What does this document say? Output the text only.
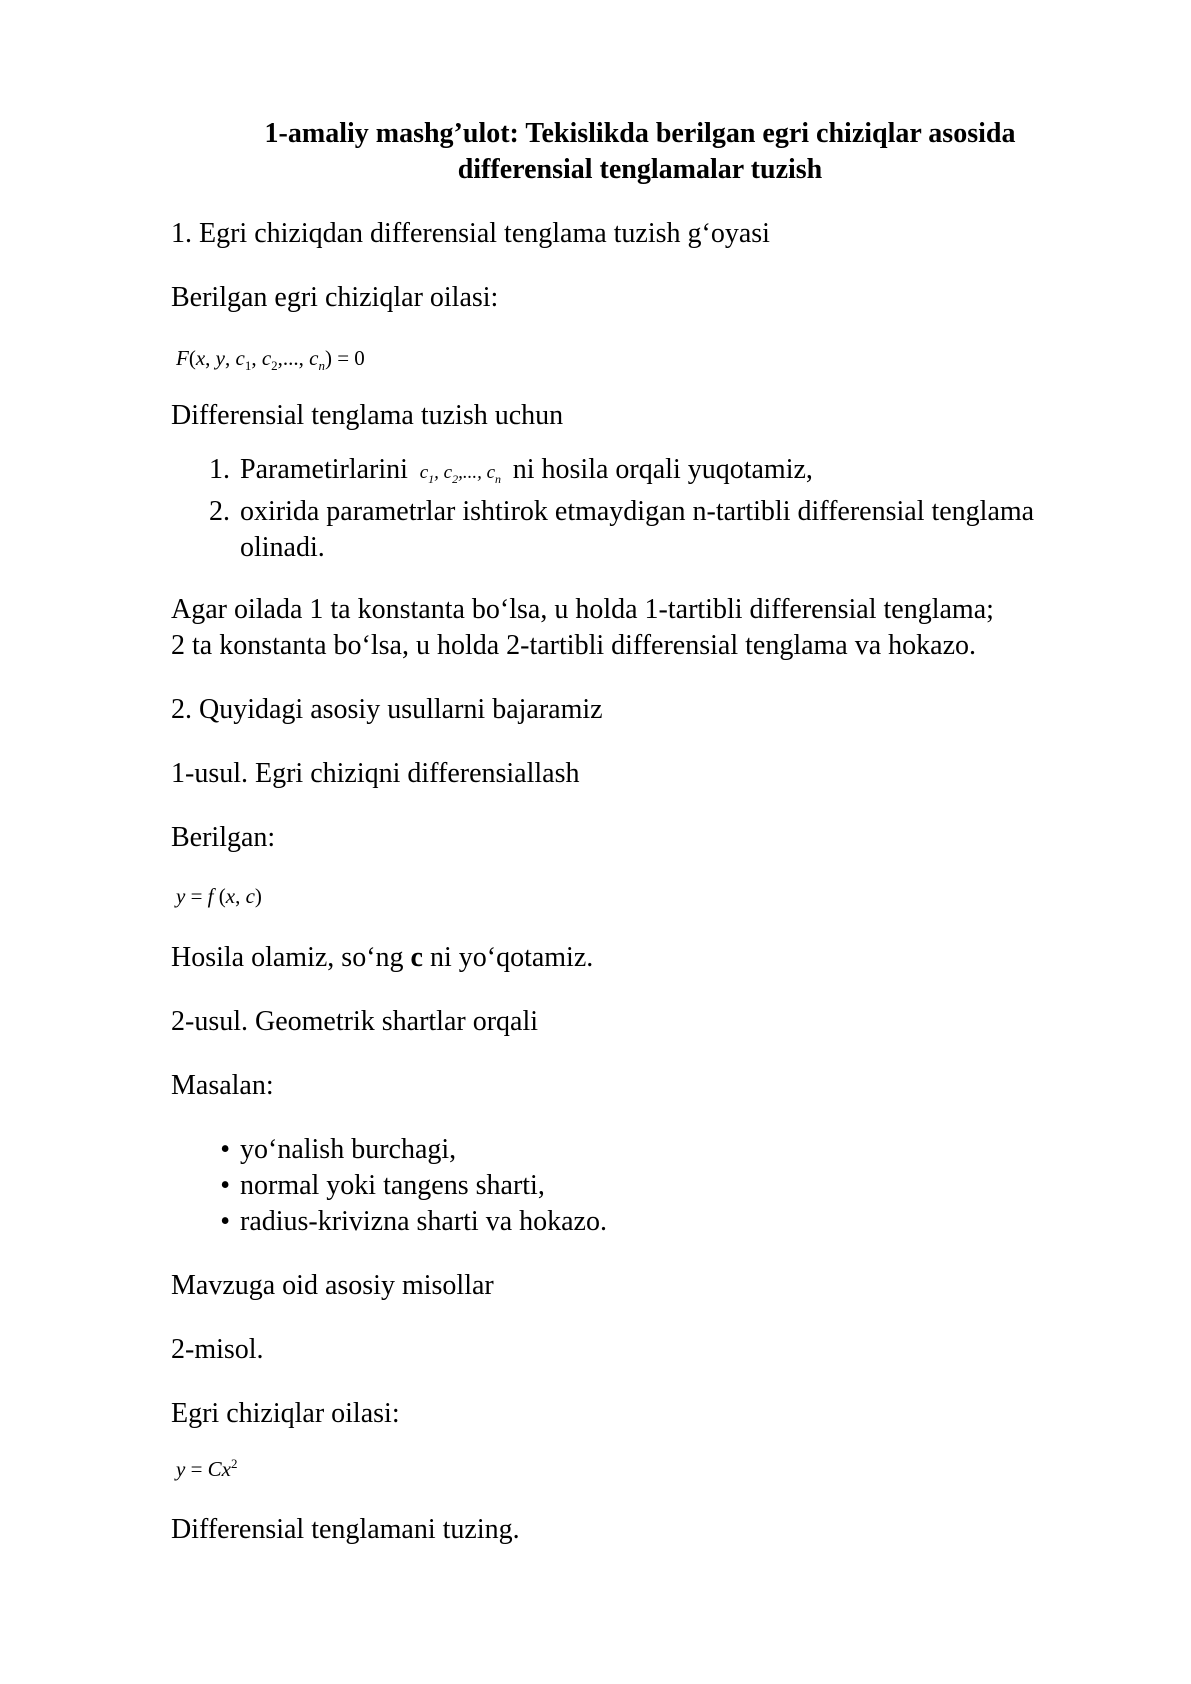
1-amaliy mashg’ulot: Tekislikda berilgan egri chiziqlar asosida
differensial tenglamalar tuzish
1. Egri chiziqdan differensial tenglama tuzish g‘oyasi
Berilgan egri chiziqlar oilasi:
F(x, y, $c_1$, $c_2$,..., $c_n) = 0$
Differensial tenglama tuzish uchun
1. Parametirlarini  $c_1$, $c_2$,..., $c_n$ ni hosila orqali yuqotamiz,
2. oxirida parametrlar ishtirok etmaydigan n-tartibli differensial tenglama
olinadi.
Agar oilada 1 ta konstanta bo‘lsa, u holda 1-tartibli differensial tenglama;
2 ta konstanta bo‘lsa, u holda 2-tartibli differensial tenglama va hokazo.
2. Quyidagi asosiy usullarni bajaramiz
1-usul. Egri chiziqni differensiallash
Berilgan:
y = f (x, c)
Hosila olamiz, so‘ng c ni yo‘qotamiz.
2-usul. Geometrik shartlar orqali
Masalan:
• yo‘nalish burchagi,
• normal yoki tangens sharti,
• radius-krivizna sharti va hokazo.
Mavzuga oid asosiy misollar
2-misol.
Egri chiziqlar oilasi:
$y = Cx^2$
Differensial tenglamani tuzing.
